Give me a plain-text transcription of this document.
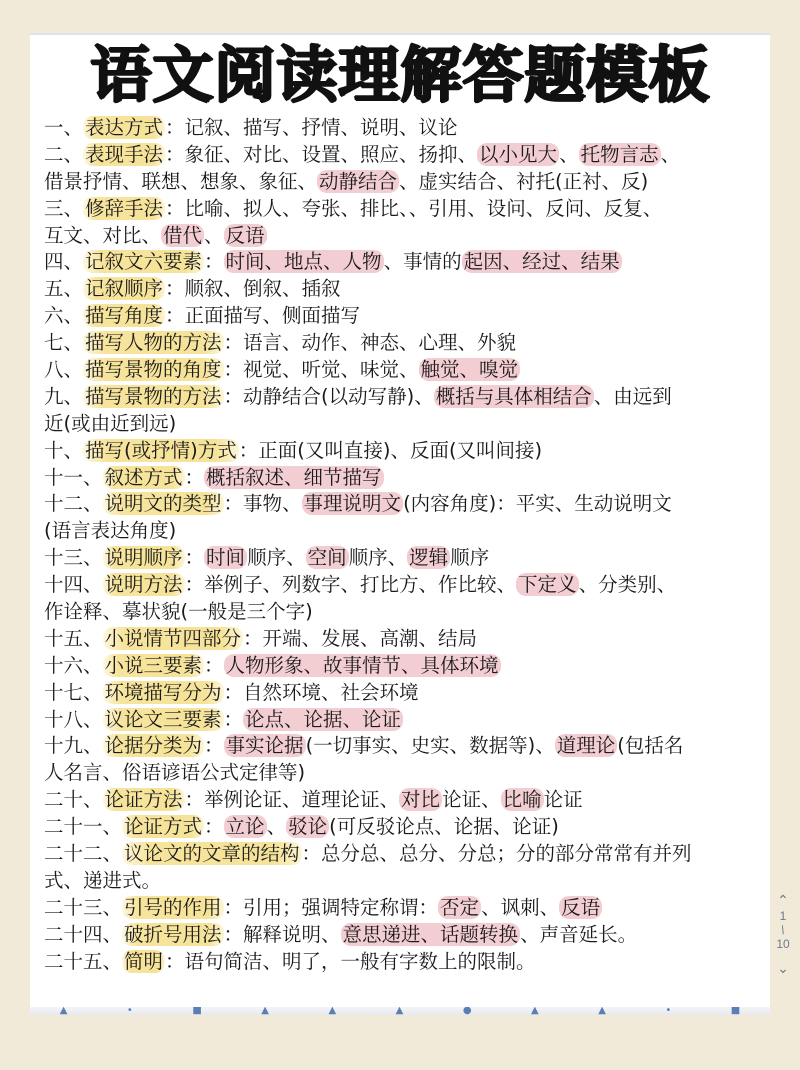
语文阅读理解答题模板
一、 表达方式 ：记叙、描写、抒情、说明、议论
二、 表现手法 ：象征、对比、设置、照应、扬抑、 以小见大 、 托物言志 、
借景抒情、联想、想象、象征、 动静结合 、虚实结合、衬托(正衬、反)
三、 修辞手法 ：比喻、拟人、夸张、排比、、引用、设问、反问、反复、
互文、对比、 借代 、 反语
四、 记叙文六要素 ： 时间、地点、人物 、事情的 起因、经过、结果
五、 记叙顺序 ：顺叙、倒叙、插叙
六、 描写角度 ：正面描写、侧面描写
七、 描写人物的方法 ：语言、动作、神态、心理、外貌
八、 描写景物的角度 ：视觉、听觉、味觉、 触觉、嗅觉
九、 描写景物的方法 ：动静结合(以动写静)、 概括与具体相结合 、由远到
近(或由近到远)
十、 描写(或抒情)方式 ：正面(又叫直接)、反面(又叫间接)
十一、 叙述方式 ： 概括叙述、细节描写
十二、 说明文的类型 ：事物、 事理说明文 (内容角度)：平实、生动说明文
(语言表达角度)
十三、 说明顺序 ： 时间 顺序、 空间 顺序、 逻辑 顺序
十四、 说明方法 ：举例子、列数字、打比方、作比较、 下定义 、分类别、
作诠释、摹状貌(一般是三个字)
十五、 小说情节四部分 ：开端、发展、高潮、结局
十六、 小说三要素 ： 人物形象、故事情节、具体环境
十七、 环境描写分为 ：自然环境、社会环境
十八、 议论文三要素 ： 论点、论据、论证
十九、 论据分类为 ： 事实论据 (一切事实、史实、数据等)、 道理论 (包括名
人名言、俗语谚语公式定律等)
二十、 论证方法 ：举例论证、道理论证、 对比 论证、 比喻 论证
二十一、 论证方式 ： 立论 、 驳论 (可反驳论点、论据、论证)
二十二、 议论文的文章的结构 ：总分总、总分、分总；分的部分常常有并列
式、递进式。
二十三、 引号的作用 ：引用；强调特定称谓： 否定 、讽刺、 反语
二十四、 破折号用法 ：解释说明、 意思递进、话题转换 、声音延长。
二十五、 简明 ：语句简洁、明了，一般有字数上的限制。
⌃
1
/
10
⌄
▲	•	■	▲	▲	▲	●	▲	▲	•	■
